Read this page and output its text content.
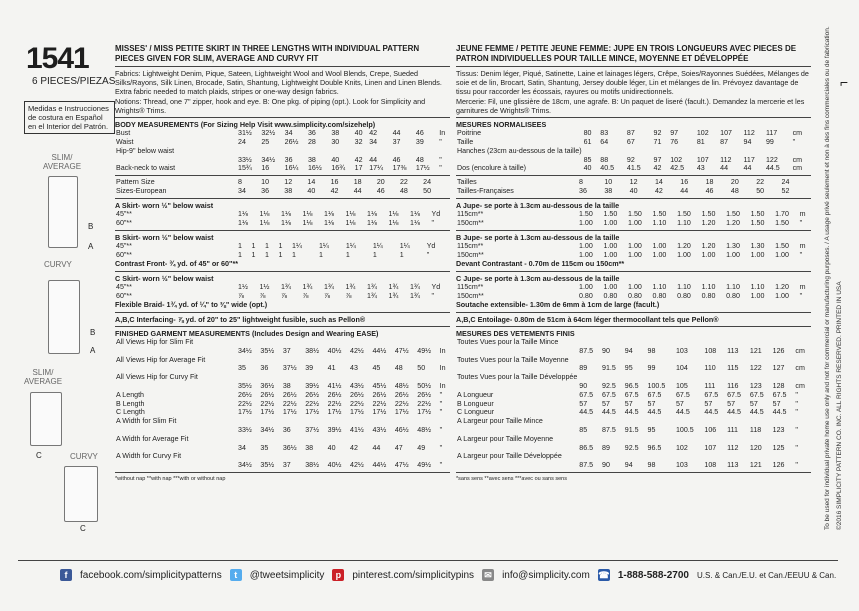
1541
6 PIECES/PIEZAS
Medidas e Instrucciones de costura en Español en el Interior del Patrón.
SLIM/ AVERAGE
B
A
CURVY
B
A
SLIM/ AVERAGE
C	CURVY
C
MISSES' / MISS PETITE SKIRT IN THREE LENGTHS WITH INDIVIDUAL PATTERN PIECES GIVEN FOR SLIM, AVERAGE AND CURVY FIT
Fabrics: Lightweight Denim, Pique, Sateen, Lightweight Wool and Wool Blends, Crepe, Sueded Silks/Rayons, Silk Linen, Brocade, Satin, Shantung, Lightweight Double Knits, Linen and Linen Blends. Extra fabric needed to match plaids, stripes or one-way design fabrics.
Notions: Thread, one 7" zipper, hook and eye. B: One pkg. of piping (opt.). Look for Simplicity and Wrights® Trims.
BODY MEASUREMENTS (For Sizing Help Visit www.simplicity.com/sizehelp)
Bust	31½	32½	34	36	38	40	42	44	46	In
Waist	24	25	26½	28	30	32	34	37	39	"
Hip-9" below waist										
	33½	34½	36	38	40	42	44	46	48	"
Back-neck to waist	15¾	16	16¼	16½	16¾	17	17¼	17⅜	17½	"
Pattern Size	8	10	12	14	16	18	20	22	24	
Sizes-European	34	36	38	40	42	44	46	48	50	
A Skirt- worn ½" below waist
45"**	1⅛	1⅛	1⅛	1⅛	1⅛	1⅛	1⅛	1⅛	1⅛	Yd
60"**	1⅛	1⅛	1⅛	1⅛	1⅛	1⅛	1⅛	1⅛	1⅛	"
B Skirt- worn ½" below waist
45"**	1	1	1	1	1¼	1¼	1¼	1¼	1¼	Yd
60"**	1	1	1	1	1	1	1	1	1	"
Contrast Front- ¾ yd. of 45" or 60"**
C Skirt- worn ½" below waist
45"**	1½	1½	1¾	1¾	1¾	1¾	1¾	1¾	1¾	Yd
60"**	⅞	⅞	⅞	⅞	⅞	⅞	1¾	1¾	1¾	"
Flexible Braid- 1¾ yd. of ¼" to ⅜" wide (opt.)
A,B,C Interfacing- ⅞ yd. of 20" to 25" lightweight fusible, such as Pellon®
FINISHED GARMENT MEASUREMENTS (Includes Design and Wearing EASE)
All Views Hip for Slim Fit										
	34½	35½	37	38½	40½	42½	44½	47½	49½	In
All Views Hip for Average Fit										
	35	36	37½	39	41	43	45	48	50	In
All Views Hip for Curvy Fit										
	35½	36½	38	39½	41½	43½	45½	48½	50½	In
A Length	26½	26½	26½	26½	26½	26½	26½	26½	26½	"
B Length	22½	22½	22½	22½	22½	22½	22½	22½	22½	"
C Length	17½	17½	17½	17½	17½	17½	17½	17½	17½	"
A Width for Slim Fit										
	33½	34½	36	37½	39½	41½	43½	46½	48½	"
A Width for Average Fit										
	34	35	36½	38	40	42	44	47	49	"
A Width for Curvy Fit										
	34½	35½	37	38½	40½	42½	44½	47½	49½	"
*without nap **with nap ***with or without nap
JEUNE FEMME / PETITE JEUNE FEMME: JUPE EN TROIS LONGUEURS AVEC PIECES DE PATRON INDIVIDUELLES POUR TAILLE MINCE, MOYENNE ET DÉVELOPPÉE
Tissus: Denim léger, Piqué, Satinette, Laine et lainages légers, Crêpe, Soies/Rayonnes Suédées, Mélanges de soie et de lin, Brocart, Satin, Shantung, Jersey double léger, Lin et mélanges de lin. Prévoyez davantage de tissu pour raccorder les écossais, rayures ou motifs unidirectionnels.
Mercerie: Fil, une glissière de 18cm, une agrafe. B: Un paquet de liseré (facult.). Demandez la mercerie et les garnitures de Wrights® Trims.
MESURES NORMALISEES
Poitrine	80	83	87	92	97	102	107	112	117	cm
Taille	61	64	67	71	76	81	87	94	99	"
Hanches (23cm au-dessous de la taille)										
	85	88	92	97	102	107	112	117	122	cm
Dos (encolure à taille)	40	40.5	41.5	42	42.5	43	44	44	44.5	cm
Tailles	8	10	12	14	16	18	20	22	24	
Tailles-Françaises	36	38	40	42	44	46	48	50	52	
A Jupe- se porte à 1.3cm au-dessous de la taille
115cm**	1.50	1.50	1.50	1.50	1.50	1.50	1.50	1.50	1.70	m
150cm**	1.00	1.00	1.00	1.10	1.10	1.20	1.20	1.50	1.50	"
B Jupe- se porte à 1.3cm au-dessous de la taille
115cm**	1.00	1.00	1.00	1.00	1.20	1.20	1.30	1.30	1.50	m
150cm**	1.00	1.00	1.00	1.00	1.00	1.00	1.00	1.00	1.00	"
Devant Contrastant - 0.70m de 115cm ou 150cm**
C Jupe- se porte à 1.3cm au-dessous de la taille
115cm**	1.00	1.00	1.00	1.10	1.10	1.10	1.10	1.10	1.20	m
150cm**	0.80	0.80	0.80	0.80	0.80	0.80	0.80	1.00	1.00	"
Soutache extensible- 1.30m de 6mm à 1cm de large (facult.)
A,B,C Entoilage- 0.80m de 51cm à 64cm léger thermocollant tels que Pellon®
MESURES DES VETEMENTS FINIS
Toutes Vues pour la Taille Mince										
	87.5	90	94	98	103	108	113	121	126	cm
Toutes Vues pour la Taille Moyenne										
	89	91.5	95	99	104	110	115	122	127	cm
Toutes Vues pour la Taille Développée										
	90	92.5	96.5	100.5	105	111	116	123	128	cm
A Longueur	67.5	67.5	67.5	67.5	67.5	67.5	67.5	67.5	67.5	"
B Longueur	57	57	57	57	57	57	57	57	57	"
C Longueur	44.5	44.5	44.5	44.5	44.5	44.5	44.5	44.5	44.5	"
A Largeur pour Taille Mince										
	85	87.5	91.5	95	100.5	106	111	118	123	"
A Largeur pour Taille Moyenne										
	86.5	89	92.5	96.5	102	107	112	120	125	"
A Largeur pour Taille Développée										
	87.5	90	94	98	103	108	113	121	126	"
*sans sens **avec sens ***avec ou sans sens
⌐
To be used for individual private home use only and not for commercial or manufacturing purposes. / A usage privé seulement et non à des fins commerciales ou de fabrication. ©2016 SIMPLICITY PATTERN CO. INC. ALL RIGHTS RESERVED. PRINTED IN USA
f	facebook.com/simplicitypatterns	t	@tweetsimplicity	p	pinterest.com/simplicitypins ✉ info@simplicity.com ☎ 1-888-588-2700 U.S. & Can./E.U. et Can./EEUU & Can.
